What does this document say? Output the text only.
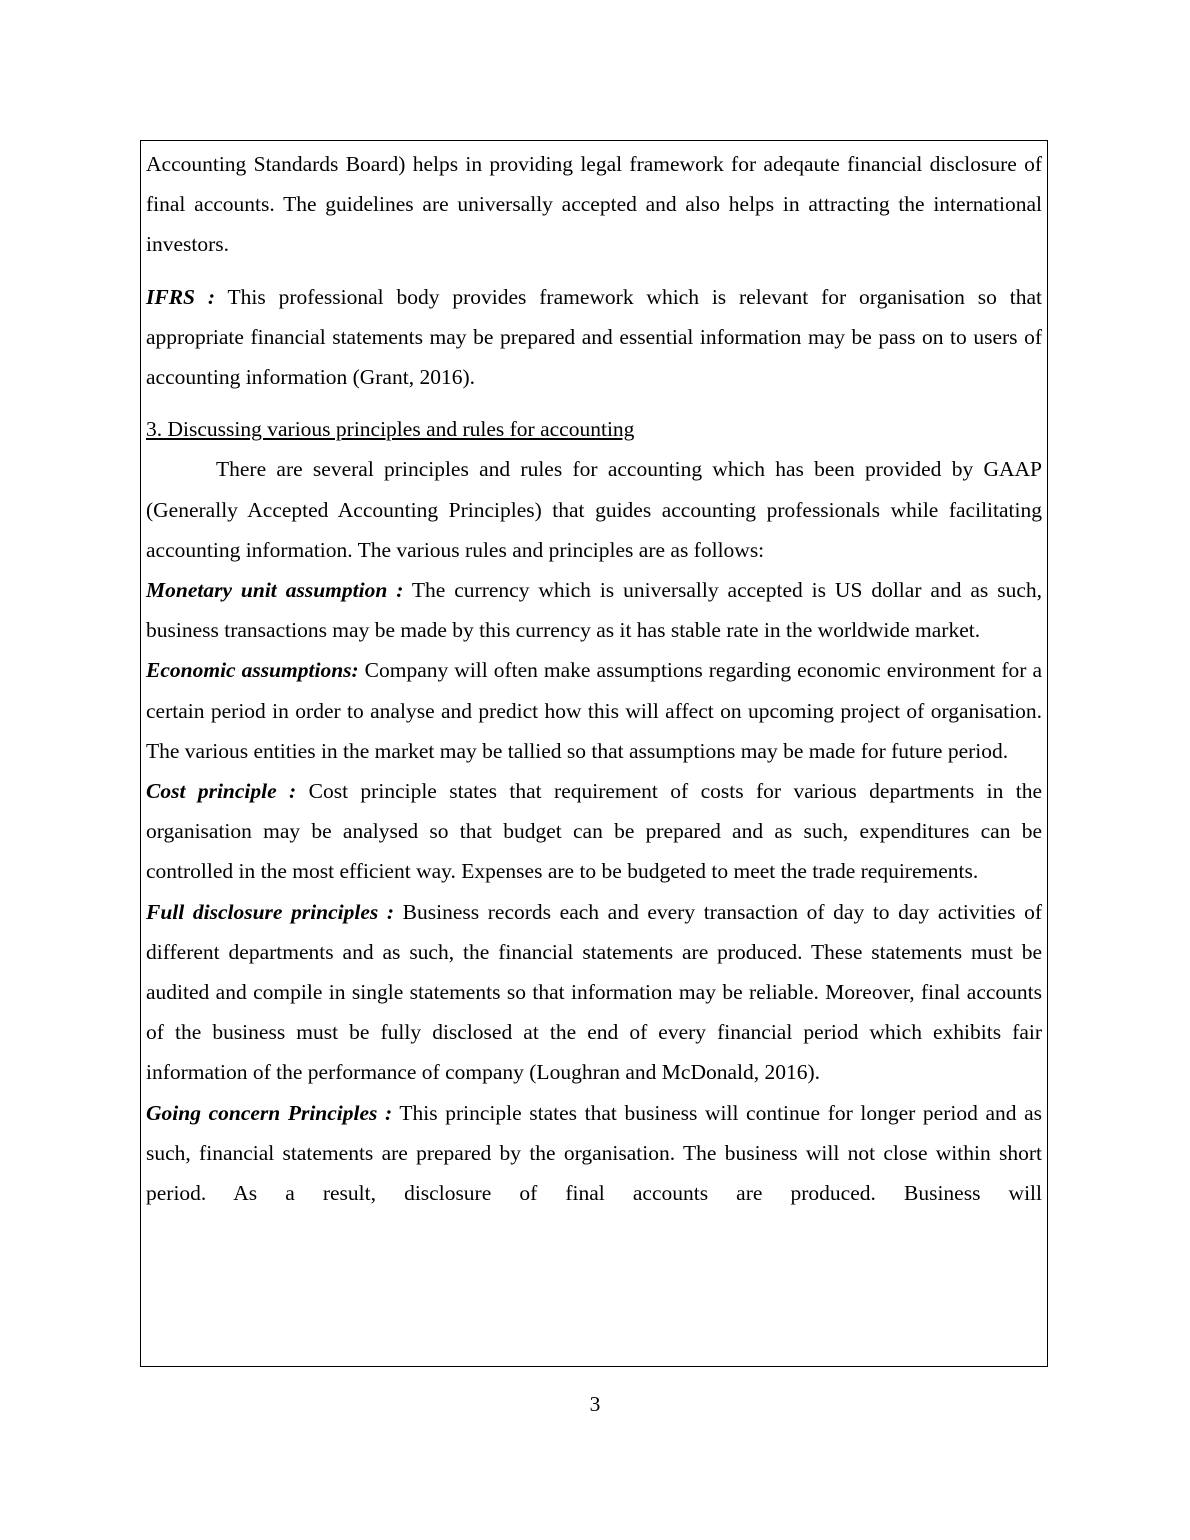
Accounting Standards Board) helps in providing legal framework for adeqaute financial disclosure of final accounts. The guidelines are universally accepted and also helps in attracting the international investors.

IFRS : This professional body provides framework which is relevant for organisation so that appropriate financial statements may be prepared and essential information may be pass on to users of accounting information (Grant, 2016).

3. Discussing various principles and rules for accounting

There are several principles and rules for accounting which has been provided by GAAP (Generally Accepted Accounting Principles) that guides accounting professionals while facilitating accounting information. The various rules and principles are as follows:

Monetary unit assumption : The currency which is universally accepted is US dollar and as such, business transactions may be made by this currency as it has stable rate in the worldwide market.

Economic assumptions: Company will often make assumptions regarding economic environment for a certain period in order to analyse and predict how this will affect on upcoming project of organisation. The various entities in the market may be tallied so that assumptions may be made for future period.

Cost principle : Cost principle states that requirement of costs for various departments in the organisation may be analysed so that budget can be prepared and as such, expenditures can be controlled in the most efficient way. Expenses are to be budgeted to meet the trade requirements.

Full disclosure principles : Business records each and every transaction of day to day activities of different departments and as such, the financial statements are produced. These statements must be audited and compile in single statements so that information may be reliable. Moreover, final accounts of the business must be fully disclosed at the end of every financial period which exhibits fair information of the performance of company (Loughran and McDonald, 2016).

Going concern Principles : This principle states that business will continue for longer period and as such, financial statements are prepared by the organisation. The business will not close within short period. As a result, disclosure of final accounts are produced. Business will

3
